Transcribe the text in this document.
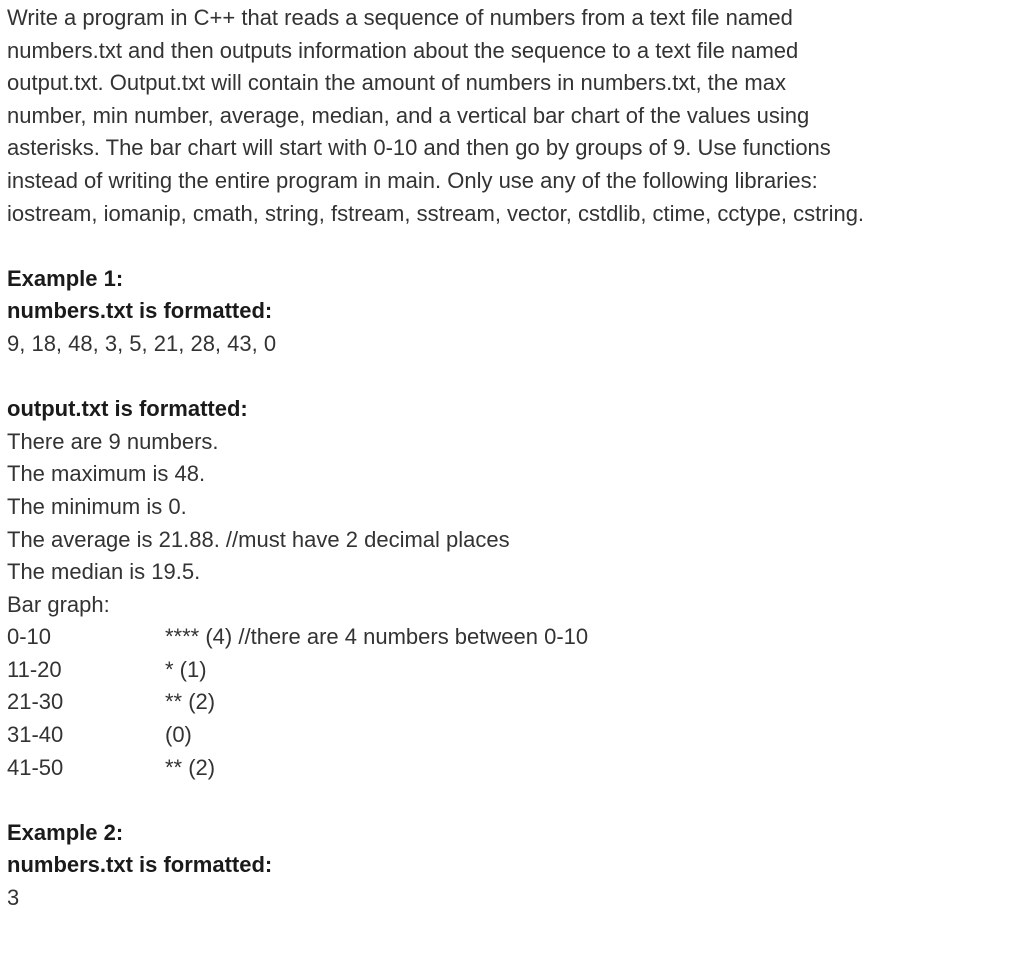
Write a program in C++ that reads a sequence of numbers from a text file named
numbers.txt and then outputs information about the sequence to a text file named
output.txt. Output.txt will contain the amount of numbers in numbers.txt, the max
number, min number, average, median, and a vertical bar chart of the values using
asterisks. The bar chart will start with 0-10 and then go by groups of 9. Use functions
instead of writing the entire program in main. Only use any of the following libraries:
iostream, iomanip, cmath, string, fstream, sstream, vector, cstdlib, ctime, cctype, cstring.

Example 1:
numbers.txt is formatted:
9, 18, 48, 3, 5, 21, 28, 43, 0
output.txt is formatted:
There are 9 numbers.
The maximum is 48.
The minimum is 0.
The average is 21.88. //must have 2 decimal places
The median is 19.5.
Bar graph:
0-10	**** (4) //there are 4 numbers between 0-10
11-20	* (1)
21-30	** (2)
31-40	(0)
41-50	** (2)
Example 2:
numbers.txt is formatted:
3
